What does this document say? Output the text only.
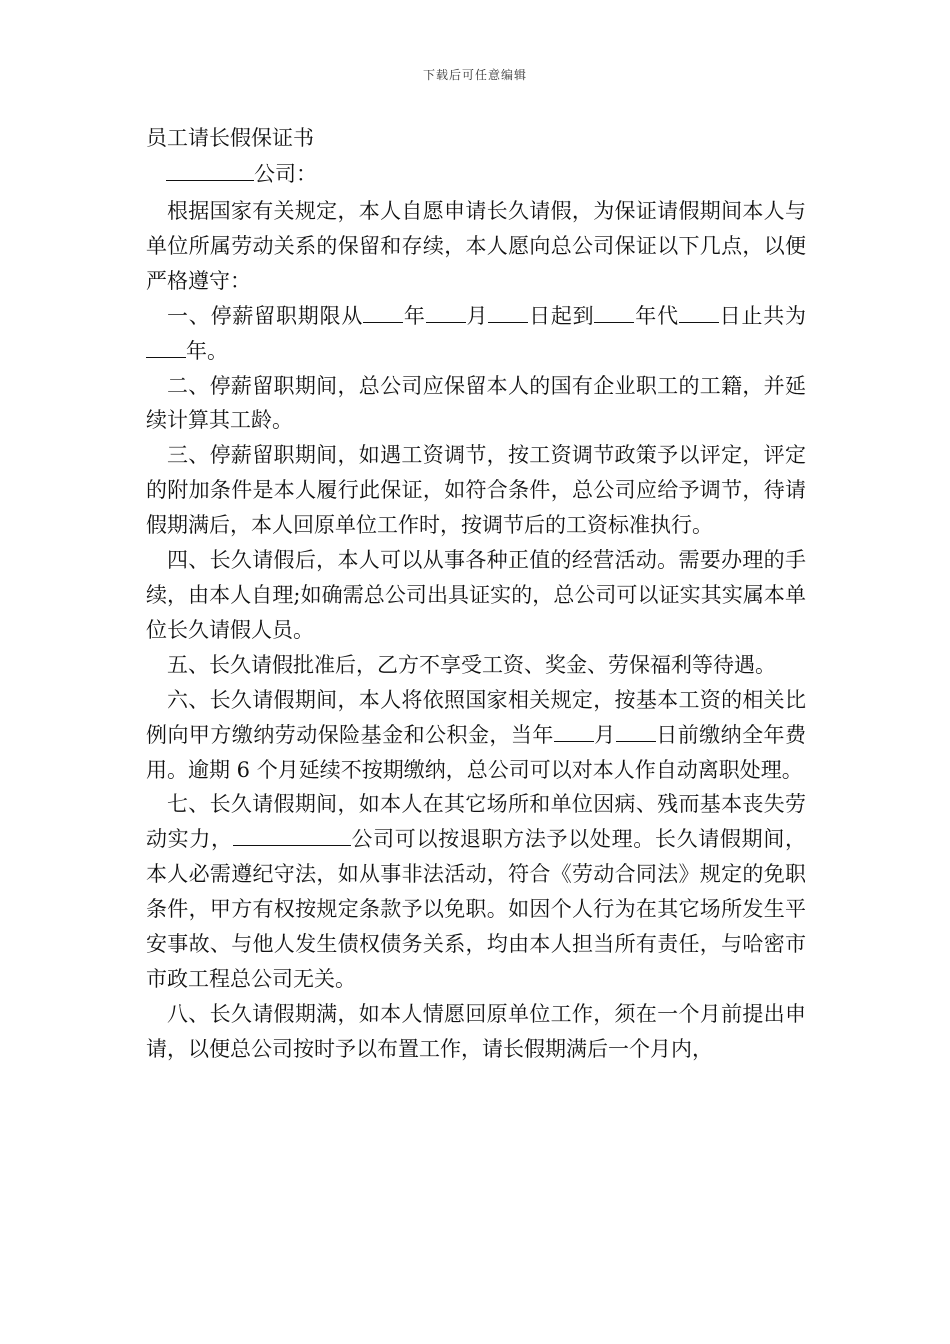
下载后可任意编辑
员工请长假保证书
公司：

根据国家有关规定，本人自愿申请长久请假，为保证请假期间本人与单位所属劳动关系的保留和存续，本人愿向总公司保证以下几点，以便严格遵守：

一、停薪留职期限从 年 月 日起到 年代 日止共为年。

二、停薪留职期间，总公司应保留本人的国有企业职工的工籍，并延续计算其工龄。

三、停薪留职期间，如遇工资调节，按工资调节政策予以评定，评定的附加条件是本人履行此保证，如符合条件，总公司应给予调节，待请假期满后，本人回原单位工作时，按调节后的工资标准执行。

四、长久请假后，本人可以从事各种正值的经营活动。需要办理的手续，由本人自理;如确需总公司出具证实的，总公司可以证实其实属本单位长久请假人员。

五、长久请假批准后，乙方不享受工资、奖金、劳保福利等待遇。

六、长久请假期间，本人将依照国家相关规定，按基本工资的相关比例向甲方缴纳劳动保险基金和公积金，当年 月 日前缴纳全年费用。逾期 6 个月延续不按期缴纳，总公司可以对本人作自动离职处理。

七、长久请假期间，如本人在其它场所和单位因病、残而基本丧失劳动实力，	公司可以按退职方法予以处理。长久请假期间，本人必需遵纪守法，如从事非法活动，符合《劳动合同法》规定的免职条件，甲方有权按规定条款予以免职。如因个人行为在其它场所发生平安事故、与他人发生债权债务关系，均由本人担当所有责任，与哈密市市政工程总公司无关。

八、长久请假期满，如本人情愿回原单位工作，须在一个月前提出申请，以便总公司按时予以布置工作，请长假期满后一个月内，
